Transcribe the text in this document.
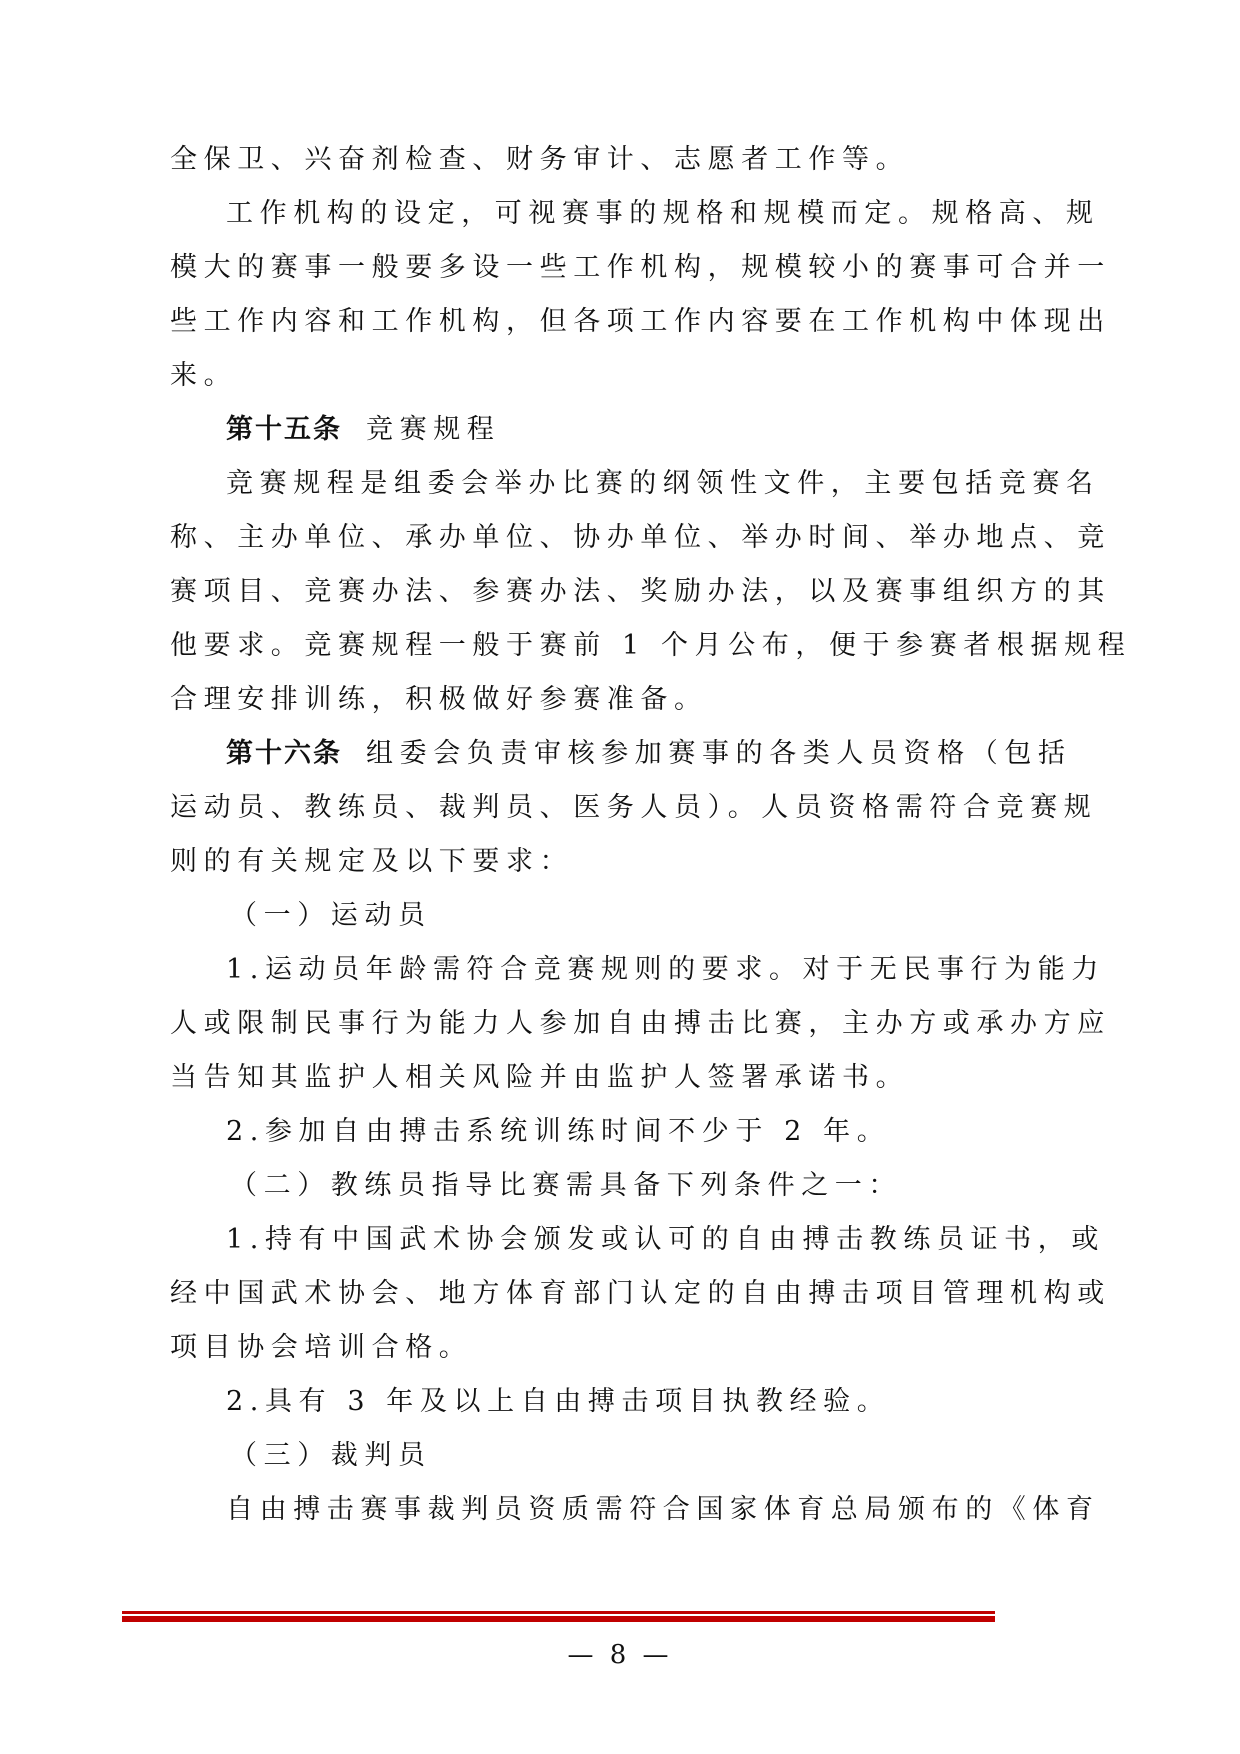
全保卫、兴奋剂检查、财务审计、志愿者工作等。
工作机构的设定，可视赛事的规格和规模而定。规格高、规
模大的赛事一般要多设一些工作机构，规模较小的赛事可合并一
些工作内容和工作机构，但各项工作内容要在工作机构中体现出
来。
第十五条 竞赛规程
竞赛规程是组委会举办比赛的纲领性文件，主要包括竞赛名
称、主办单位、承办单位、协办单位、举办时间、举办地点、竞
赛项目、竞赛办法、参赛办法、奖励办法，以及赛事组织方的其
他要求。竞赛规程一般于赛前 1 个月公布，便于参赛者根据规程
合理安排训练，积极做好参赛准备。
第十六条 组委会负责审核参加赛事的各类人员资格（包括
运动员、教练员、裁判员、医务人员）。人员资格需符合竞赛规
则的有关规定及以下要求：
（一）运动员
1.运动员年龄需符合竞赛规则的要求。对于无民事行为能力
人或限制民事行为能力人参加自由搏击比赛，主办方或承办方应
当告知其监护人相关风险并由监护人签署承诺书。
2.参加自由搏击系统训练时间不少于 2 年。
（二）教练员指导比赛需具备下列条件之一：
1.持有中国武术协会颁发或认可的自由搏击教练员证书，或
经中国武术协会、地方体育部门认定的自由搏击项目管理机构或
项目协会培训合格。
2.具有 3 年及以上自由搏击项目执教经验。
（三）裁判员
自由搏击赛事裁判员资质需符合国家体育总局颁布的《体育
— 8 —
